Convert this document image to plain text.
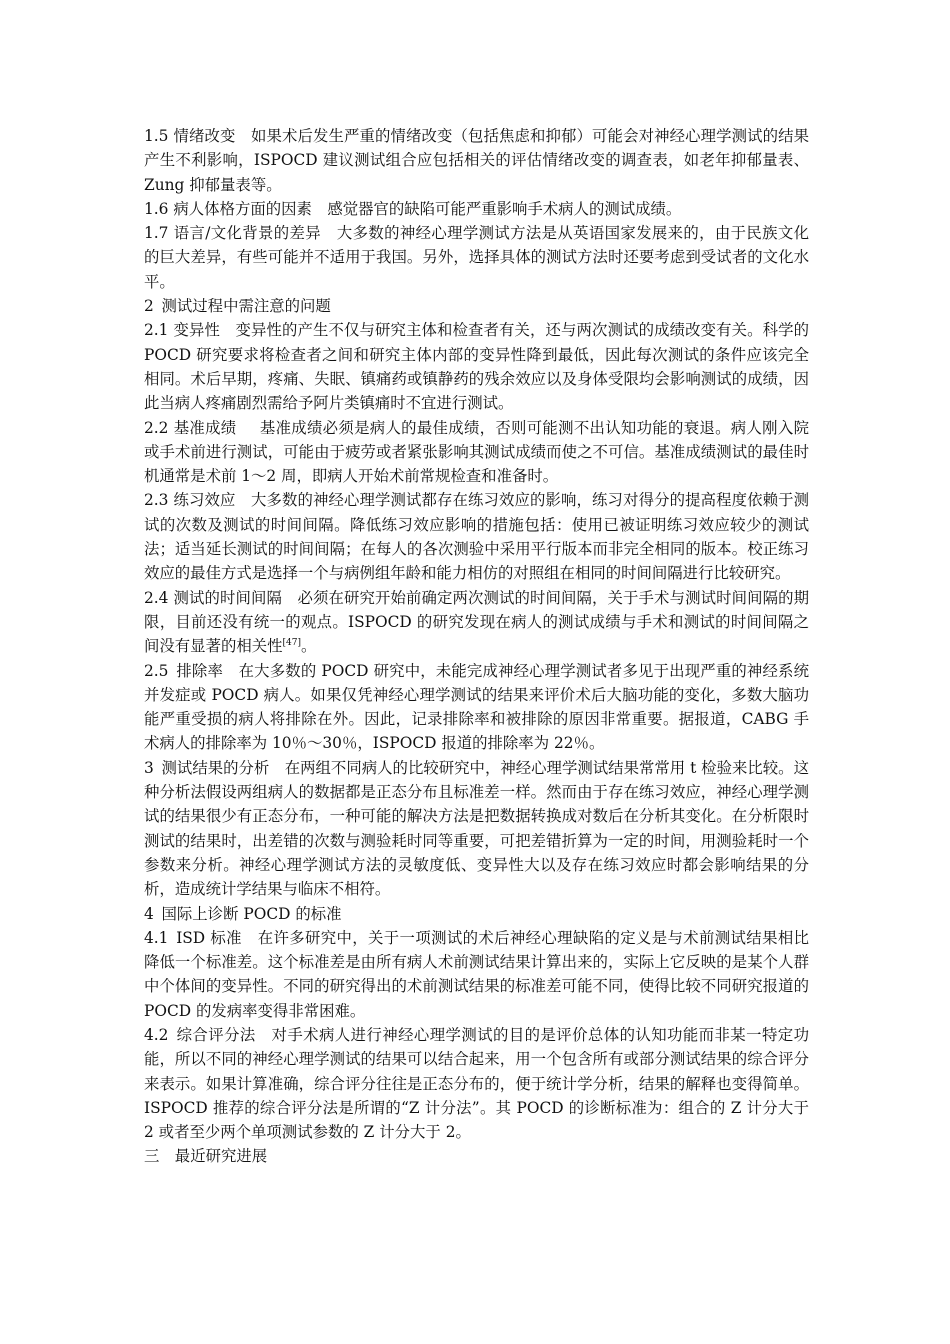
1.5 情绪改变  如果术后发生严重的情绪改变（包括焦虑和抑郁）可能会对神经心理学测试的结果产生不利影响，ISPOCD 建议测试组合应包括相关的评估情绪改变的调查表，如老年抑郁量表、Zung 抑郁量表等。

1.6 病人体格方面的因素  感觉器官的缺陷可能严重影响手术病人的测试成绩。

1.7 语言/文化背景的差异  大多数的神经心理学测试方法是从英语国家发展来的，由于民族文化的巨大差异，有些可能并不适用于我国。另外，选择具体的测试方法时还要考虑到受试者的文化水平。

2  测试过程中需注意的问题

2.1 变异性  变异性的产生不仅与研究主体和检查者有关，还与两次测试的成绩改变有关。科学的 POCD 研究要求将检查者之间和研究主体内部的变异性降到最低，因此每次测试的条件应该完全相同。术后早期，疼痛、失眠、镇痛药或镇静药的残余效应以及身体受限均会影响测试的成绩，因此当病人疼痛剧烈需给予阿片类镇痛时不宜进行测试。

2.2 基准成绩   基准成绩必须是病人的最佳成绩，否则可能测不出认知功能的衰退。病人刚入院或手术前进行测试，可能由于疲劳或者紧张影响其测试成绩而使之不可信。基准成绩测试的最佳时机通常是术前 1～2 周，即病人开始术前常规检查和准备时。

2.3 练习效应  大多数的神经心理学测试都存在练习效应的影响，练习对得分的提高程度依赖于测试的次数及测试的时间间隔。降低练习效应影响的措施包括：使用已被证明练习效应较少的测试法；适当延长测试的时间间隔；在每人的各次测验中采用平行版本而非完全相同的版本。校正练习效应的最佳方式是选择一个与病例组年龄和能力相仿的对照组在相同的时间间隔进行比较研究。

2.4 测试的时间间隔  必须在研究开始前确定两次测试的时间间隔，关于手术与测试时间间隔的期限，目前还没有统一的观点。ISPOCD 的研究发现在病人的测试成绩与手术和测试的时间间隔之间没有显著的相关性[47]。

2.5  排除率  在大多数的 POCD 研究中，未能完成神经心理学测试者多见于出现严重的神经系统并发症或 POCD 病人。如果仅凭神经心理学测试的结果来评价术后大脑功能的变化，多数大脑功能严重受损的病人将排除在外。因此，记录排除率和被排除的原因非常重要。据报道，CABG 手术病人的排除率为 10％～30％，ISPOCD 报道的排除率为 22％。

3  测试结果的分析  在两组不同病人的比较研究中，神经心理学测试结果常常用 t 检验来比较。这种分析法假设两组病人的数据都是正态分布且标准差一样。然而由于存在练习效应，神经心理学测试的结果很少有正态分布，一种可能的解决方法是把数据转换成对数后在分析其变化。在分析限时测试的结果时，出差错的次数与测验耗时同等重要，可把差错折算为一定的时间，用测验耗时一个参数来分析。神经心理学测试方法的灵敏度低、变异性大以及存在练习效应时都会影响结果的分析，造成统计学结果与临床不相符。

4  国际上诊断 POCD 的标准

4.1  ISD 标准  在许多研究中，关于一项测试的术后神经心理缺陷的定义是与术前测试结果相比降低一个标准差。这个标准差是由所有病人术前测试结果计算出来的，实际上它反映的是某个人群中个体间的变异性。不同的研究得出的术前测试结果的标准差可能不同，使得比较不同研究报道的 POCD 的发病率变得非常困难。

4.2  综合评分法  对手术病人进行神经心理学测试的目的是评价总体的认知功能而非某一特定功能，所以不同的神经心理学测试的结果可以结合起来，用一个包含所有或部分测试结果的综合评分来表示。如果计算准确，综合评分往往是正态分布的，便于统计学分析，结果的解释也变得简单。ISPOCD 推荐的综合评分法是所谓的“Z 计分法”。其 POCD 的诊断标准为：组合的 Z 计分大于 2 或者至少两个单项测试参数的 Z 计分大于 2。

三  最近研究进展
